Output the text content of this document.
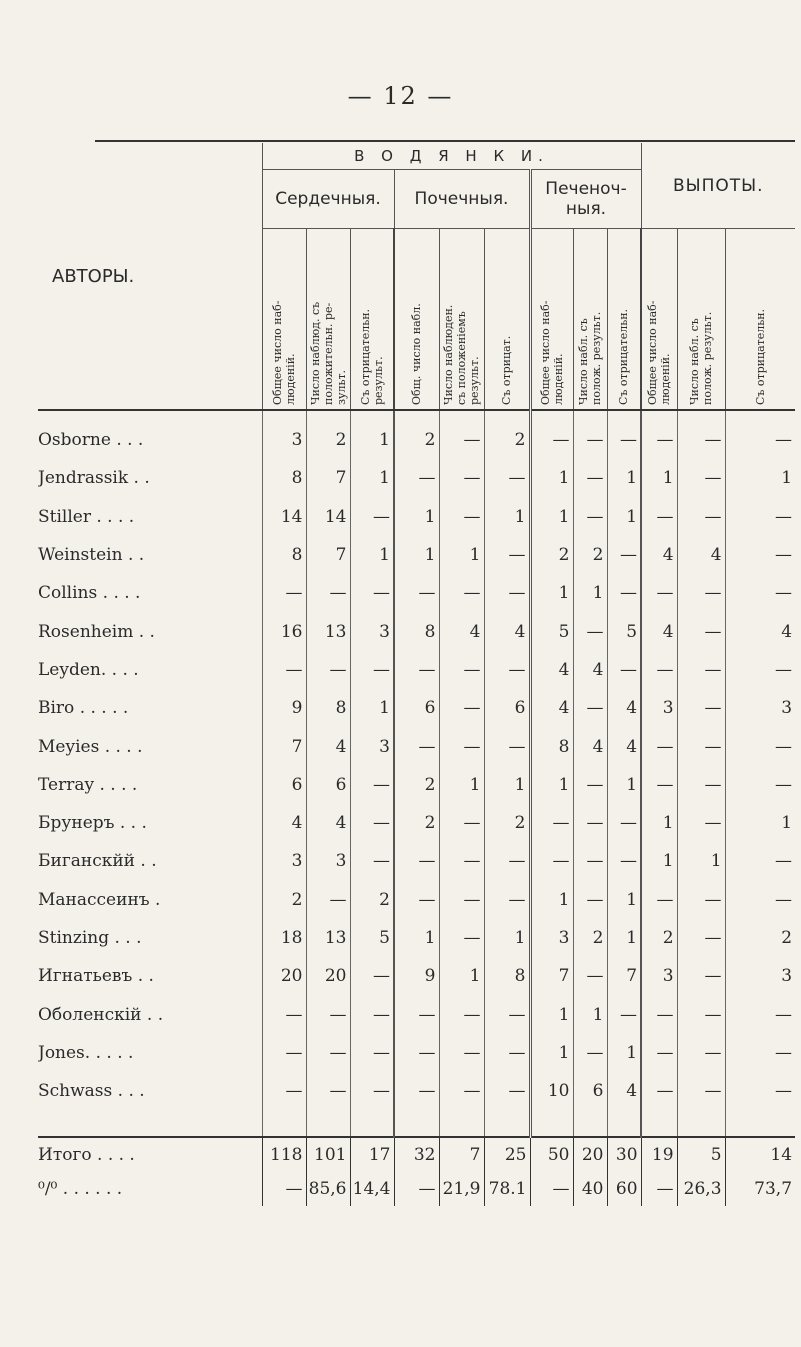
— 12 —
АВТОРЫ.	В О Д Я Н К И.									ВЫПОТЫ.		
	Сердечныя.			Почечныя.			Печеноч-
ныя.					

	Общее число наб-
люденій.	Число наблюд. съ
положительн. ре-
зульт.	Съ отрицательн.
результ.	Общ. число набл.	Число наблюден.
съ положеніемъ
результ.	Съ отрицат.	Общее число наб-
люденій.	Число набл. съ
полож. результ.	Съ отрицательн.	Общее число наб-
люденій.	Число набл. съ
полож. результ.	Съ отрицательн.

Osborne . . .	3	2	1	2	—	2	—	—	—	—	—	—
Jendrassik . .	8	7	1	—	—	—	1	—	1	1	—	1
Stiller . . . .	14	14	—	1	—	1	1	—	1	—	—	—
Weinstein . .	8	7	1	1	1	—	2	2	—	4	4	—
Collins . . . .	—	—	—	—	—	—	1	1	—	—	—	—
Rosenheim . .	16	13	3	8	4	4	5	—	5	4	—	4
Leyden. . . .	—	—	—	—	—	—	4	4	—	—	—	—
Biro . . . . .	9	8	1	6	—	6	4	—	4	3	—	3
Meyies . . . .	7	4	3	—	—	—	8	4	4	—	—	—
Terray . . . .	6	6	—	2	1	1	1	—	1	—	—	—
Брунеръ . . .	4	4	—	2	—	2	—	—	—	1	—	1
Биганскйй . .	3	3	—	—	—	—	—	—	—	1	1	—
Манассеинъ .	2	—	2	—	—	—	1	—	1	—	—	—
Stinzing . . .	18	13	5	1	—	1	3	2	1	2	—	2
Игнатьевъ . .	20	20	—	9	1	8	7	—	7	3	—	3
Оболенскій . .	—	—	—	—	—	—	1	1	—	—	—	—
Jones. . . . .	—	—	—	—	—	—	1	—	1	—	—	—
Schwass . . .	—	—	—	—	—	—	10	6	4	—	—	—

Итого . . . .	118	101	17	32	7	25	50	20	30	19	5	14
⁰/⁰ . . . . . .	—	85,6	14,4	—	21,9	78.1	—	40	60	—	26,3	73,7
